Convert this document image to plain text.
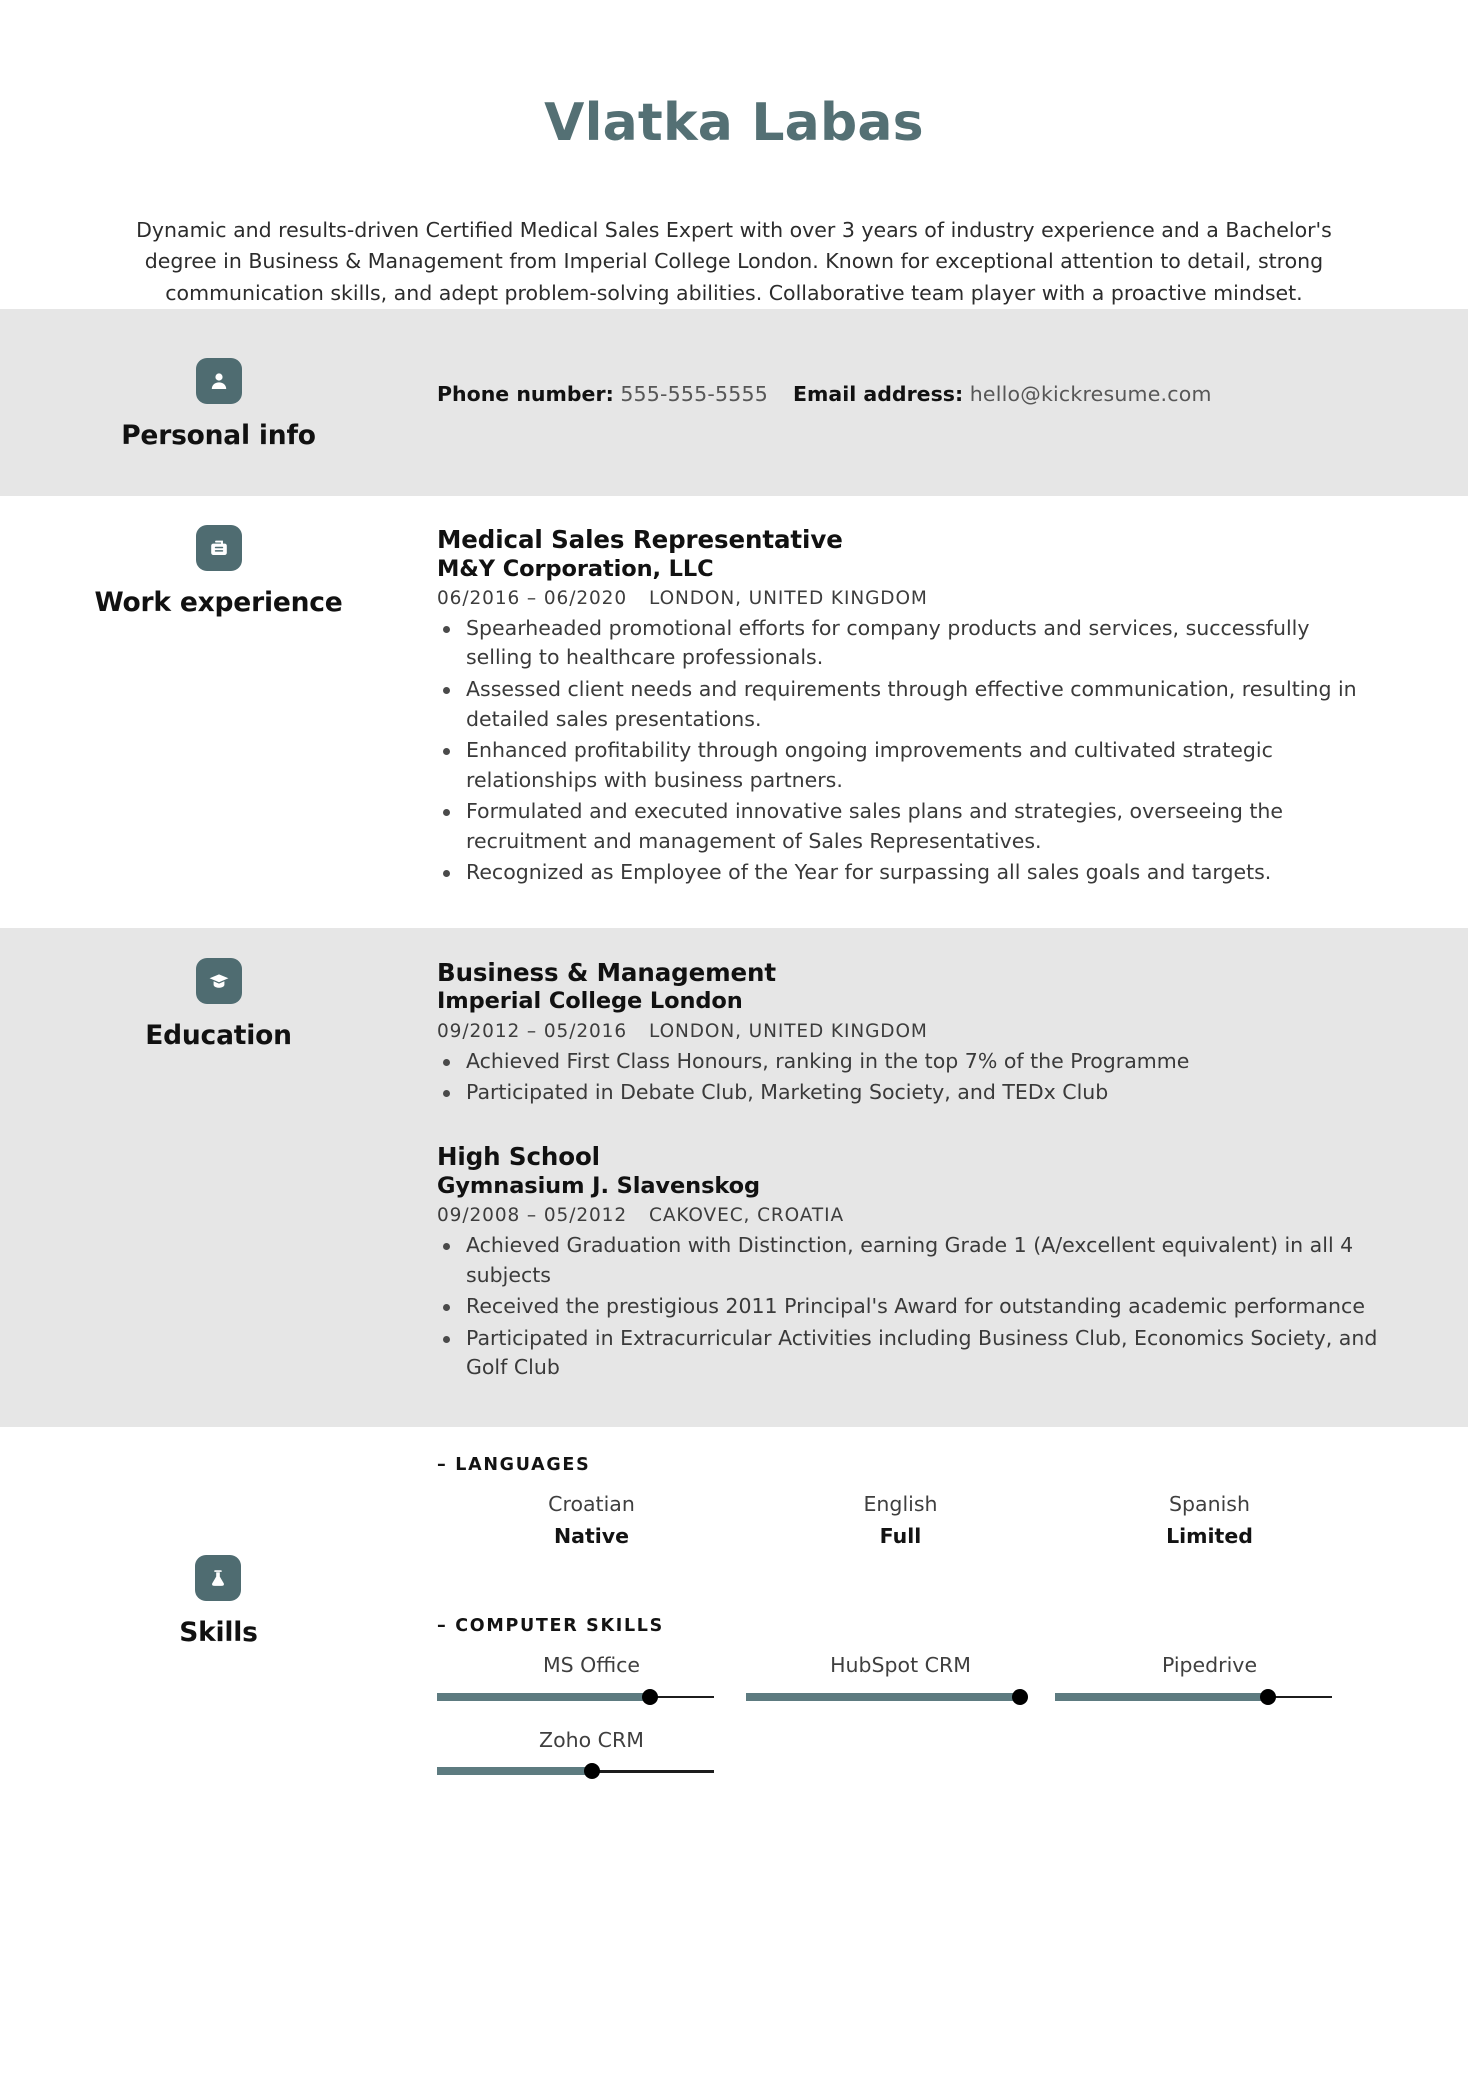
Vlatka Labas

Dynamic and results-driven Certified Medical Sales Expert with over 3 years of industry experience and a Bachelor's degree in Business & Management from Imperial College London. Known for exceptional attention to detail, strong communication skills, and adept problem-solving abilities. Collaborative team player with a proactive mindset.

Personal info
Phone number: 555-555-5555 Email address: hello@kickresume.com
Work experience
Medical Sales Representative
M&Y Corporation, LLC
06/2016 – 06/2020 LONDON, UNITED KINGDOM
Spearheaded promotional efforts for company products and services, successfully selling to healthcare professionals.
Assessed client needs and requirements through effective communication, resulting in detailed sales presentations.
Enhanced profitability through ongoing improvements and cultivated strategic relationships with business partners.
Formulated and executed innovative sales plans and strategies, overseeing the recruitment and management of Sales Representatives.
Recognized as Employee of the Year for surpassing all sales goals and targets.
Education
Business & Management
Imperial College London
09/2012 – 05/2016 LONDON, UNITED KINGDOM
Achieved First Class Honours, ranking in the top 7% of the Programme
Participated in Debate Club, Marketing Society, and TEDx Club
High School
Gymnasium J. Slavenskog
09/2008 – 05/2012 CAKOVEC, CROATIA
Achieved Graduation with Distinction, earning Grade 1 (A/excellent equivalent) in all 4 subjects
Received the prestigious 2011 Principal's Award for outstanding academic performance
Participated in Extracurricular Activities including Business Club, Economics Society, and Golf Club
Skills
– LANGUAGES
Croatian
Native
English
Full
Spanish
Limited
– COMPUTER SKILLS
MS Office	HubSpot CRM	Pipedrive
Zoho CRM
